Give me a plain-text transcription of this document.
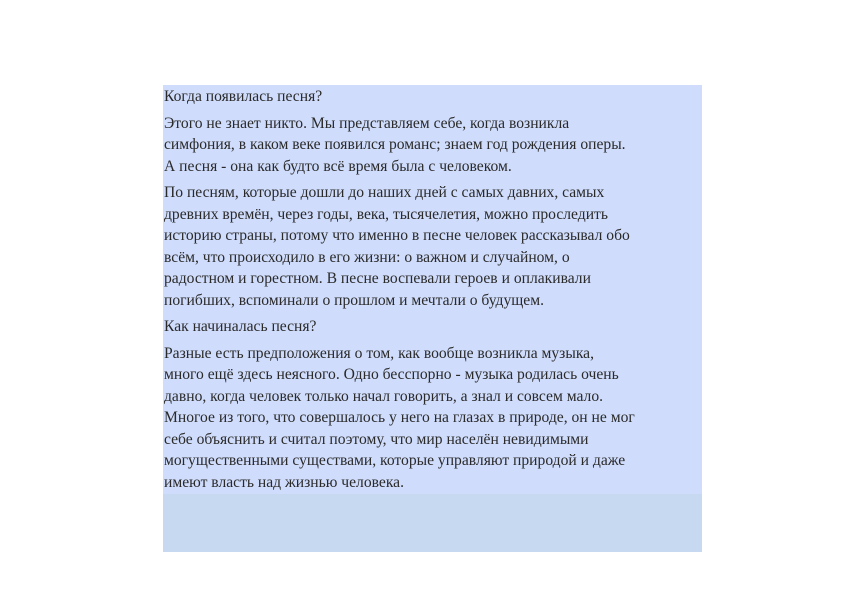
Когда появилась песня?

Этого не знает никто. Мы представляем себе, когда возникла
симфония, в каком веке появился романс; знаем год рождения оперы.
А песня - она как будто всё время была с человеком.

По песням, которые дошли до наших дней с самых давних, самых
древних времён, через годы, века, тысячелетия, можно проследить
историю страны, потому что именно в песне человек рассказывал обо
всём, что происходило в его жизни: о важном и случайном, о
радостном и горестном. В песне воспевали героев и оплакивали
погибших, вспоминали о прошлом и мечтали о будущем.

Как начиналась песня?

Разные есть предположения о том, как вообще возникла музыка,
много ещё здесь неясного. Одно бесспорно - музыка родилась очень
давно, когда человек только начал говорить, а знал и совсем мало.
Многое из того, что совершалось у него на глазах в природе, он не мог
себе объяснить и считал поэтому, что мир населён невидимыми
могущественными существами, которые управляют природой и даже
имеют власть над жизнью человека.
